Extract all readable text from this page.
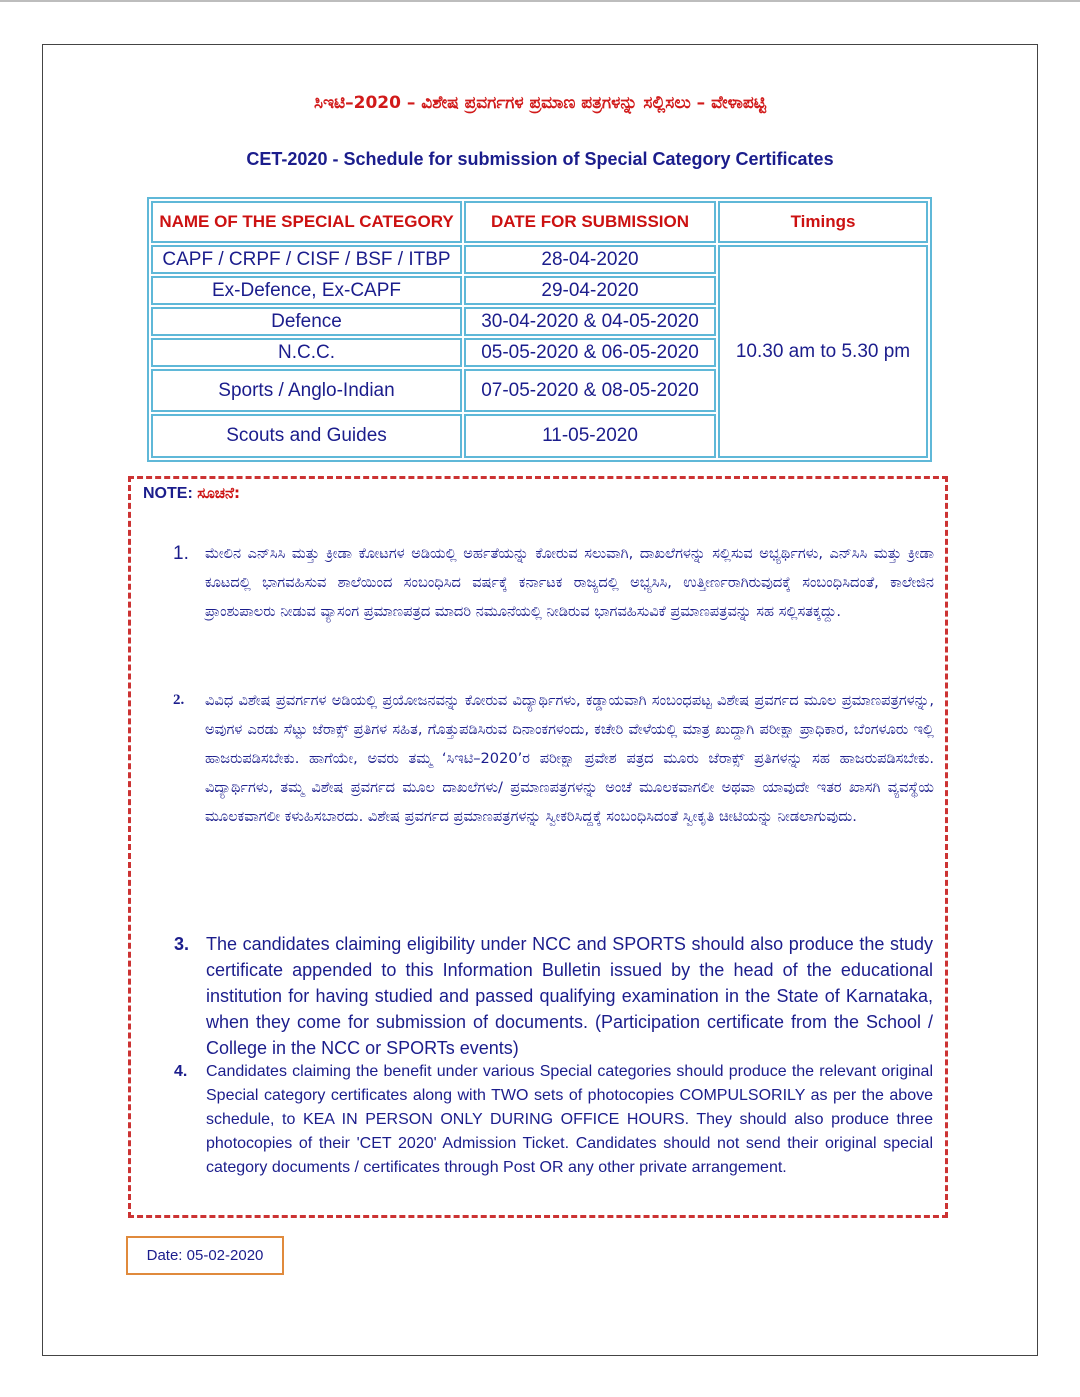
ಸಿಇಟಿ–2020 – ವಿಶೇಷ ಪ್ರವರ್ಗಗಳ ಪ್ರಮಾಣ ಪತ್ರಗಳನ್ನು ಸಲ್ಲಿಸಲು – ವೇಳಾಪಟ್ಟಿ
CET-2020 - Schedule for submission of Special Category Certificates
NAME OF THE SPECIAL CATEGORY	DATE FOR SUBMISSION	Timings
CAPF / CRPF / CISF / BSF / ITBP	28-04-2020	10.30 am to 5.30 pm
Ex-Defence, Ex-CAPF	29-04-2020	
Defence	30-04-2020 & 04-05-2020	
N.C.C.	05-05-2020 & 06-05-2020	
Sports / Anglo-Indian	07-05-2020 & 08-05-2020	
Scouts and Guides	11-05-2020	
NOTE: ಸೂಚನೆ:
1. ಮೇಲಿನ ಎನ್‌ಸಿಸಿ ಮತ್ತು ಕ್ರೀಡಾ ಕೋಟಗಳ ಅಡಿಯಲ್ಲಿ ಅರ್ಹತೆಯನ್ನು ಕೋರುವ ಸಲುವಾಗಿ, ದಾಖಲೆಗಳನ್ನು ಸಲ್ಲಿಸುವ ಅಭ್ಯರ್ಥಿಗಳು, ಎನ್‌ಸಿಸಿ ಮತ್ತು ಕ್ರೀಡಾ ಕೂಟದಲ್ಲಿ ಭಾಗವಹಿಸುವ ಶಾಲೆಯಿಂದ ಸಂಬಂಧಿಸಿದ ವರ್ಷಕ್ಕೆ ಕರ್ನಾಟಕ ರಾಜ್ಯದಲ್ಲಿ ಅಭ್ಯಸಿಸಿ, ಉತ್ತೀರ್ಣರಾಗಿರುವುದಕ್ಕೆ ಸಂಬಂಧಿಸಿದಂತೆ, ಕಾಲೇಜಿನ ಪ್ರಾಂಶುಪಾಲರು ನೀಡುವ ವ್ಯಾಸಂಗ ಪ್ರಮಾಣಪತ್ರದ ಮಾದರಿ ನಮೂನೆಯಲ್ಲಿ ನೀಡಿರುವ ಭಾಗವಹಿಸುವಿಕೆ ಪ್ರಮಾಣಪತ್ರವನ್ನು ಸಹ ಸಲ್ಲಿಸತಕ್ಕದ್ದು.
2. ವಿವಿಧ ವಿಶೇಷ ಪ್ರವರ್ಗಗಳ ಅಡಿಯಲ್ಲಿ ಪ್ರಯೋಜನವನ್ನು ಕೋರುವ ವಿದ್ಯಾರ್ಥಿಗಳು, ಕಡ್ಡಾಯವಾಗಿ ಸಂಬಂಧಪಟ್ಟ ವಿಶೇಷ ಪ್ರವರ್ಗದ ಮೂಲ ಪ್ರಮಾಣಪತ್ರಗಳನ್ನು, ಅವುಗಳ ಎರಡು ಸೆಟ್ಟು ಜೆರಾಕ್ಸ್ ಪ್ರತಿಗಳ ಸಹಿತ, ಗೊತ್ತುಪಡಿಸಿರುವ ದಿನಾಂಕಗಳಂದು, ಕಚೇರಿ ವೇಳೆಯಲ್ಲಿ ಮಾತ್ರ ಖುದ್ದಾಗಿ ಪರೀಕ್ಷಾ ಪ್ರಾಧಿಕಾರ, ಬೆಂಗಳೂರು ಇಲ್ಲಿ ಹಾಜರುಪಡಿಸಬೇಕು. ಹಾಗೆಯೇ, ಅವರು ತಮ್ಮ ‘ಸಿಇಟಿ–2020’ರ ಪರೀಕ್ಷಾ ಪ್ರವೇಶ ಪತ್ರದ ಮೂರು ಜೆರಾಕ್ಸ್ ಪ್ರತಿಗಳನ್ನು ಸಹ ಹಾಜರುಪಡಿಸಬೇಕು. ವಿದ್ಯಾರ್ಥಿಗಳು, ತಮ್ಮ ವಿಶೇಷ ಪ್ರವರ್ಗದ ಮೂಲ ದಾಖಲೆಗಳು/ ಪ್ರಮಾಣಪತ್ರಗಳನ್ನು ಅಂಚೆ ಮೂಲಕವಾಗಲೀ ಅಥವಾ ಯಾವುದೇ ಇತರ ಖಾಸಗಿ ವ್ಯವಸ್ಥೆಯ ಮೂಲಕವಾಗಲೀ ಕಳುಹಿಸಬಾರದು. ವಿಶೇಷ ಪ್ರವರ್ಗದ ಪ್ರಮಾಣಪತ್ರಗಳನ್ನು ಸ್ವೀಕರಿಸಿದ್ದಕ್ಕೆ ಸಂಬಂಧಿಸಿದಂತೆ ಸ್ವೀಕೃತಿ ಚೀಟಿಯನ್ನು ನೀಡಲಾಗುವುದು.
3. The candidates claiming eligibility under NCC and SPORTS should also produce the study certificate appended to this Information Bulletin issued by the head of the educational institution for having studied and passed qualifying examination in the State of Karnataka, when they come for submission of documents. (Participation certificate from the School / College in the NCC or SPORTs events)
4. Candidates claiming the benefit under various Special categories should produce the relevant original Special category certificates along with TWO sets of photocopies COMPULSORILY as per the above schedule, to KEA IN PERSON ONLY DURING OFFICE HOURS. They should also produce three photocopies of their 'CET 2020' Admission Ticket. Candidates should not send their original special category documents / certificates through Post OR any other private arrangement.
Date: 05-02-2020
